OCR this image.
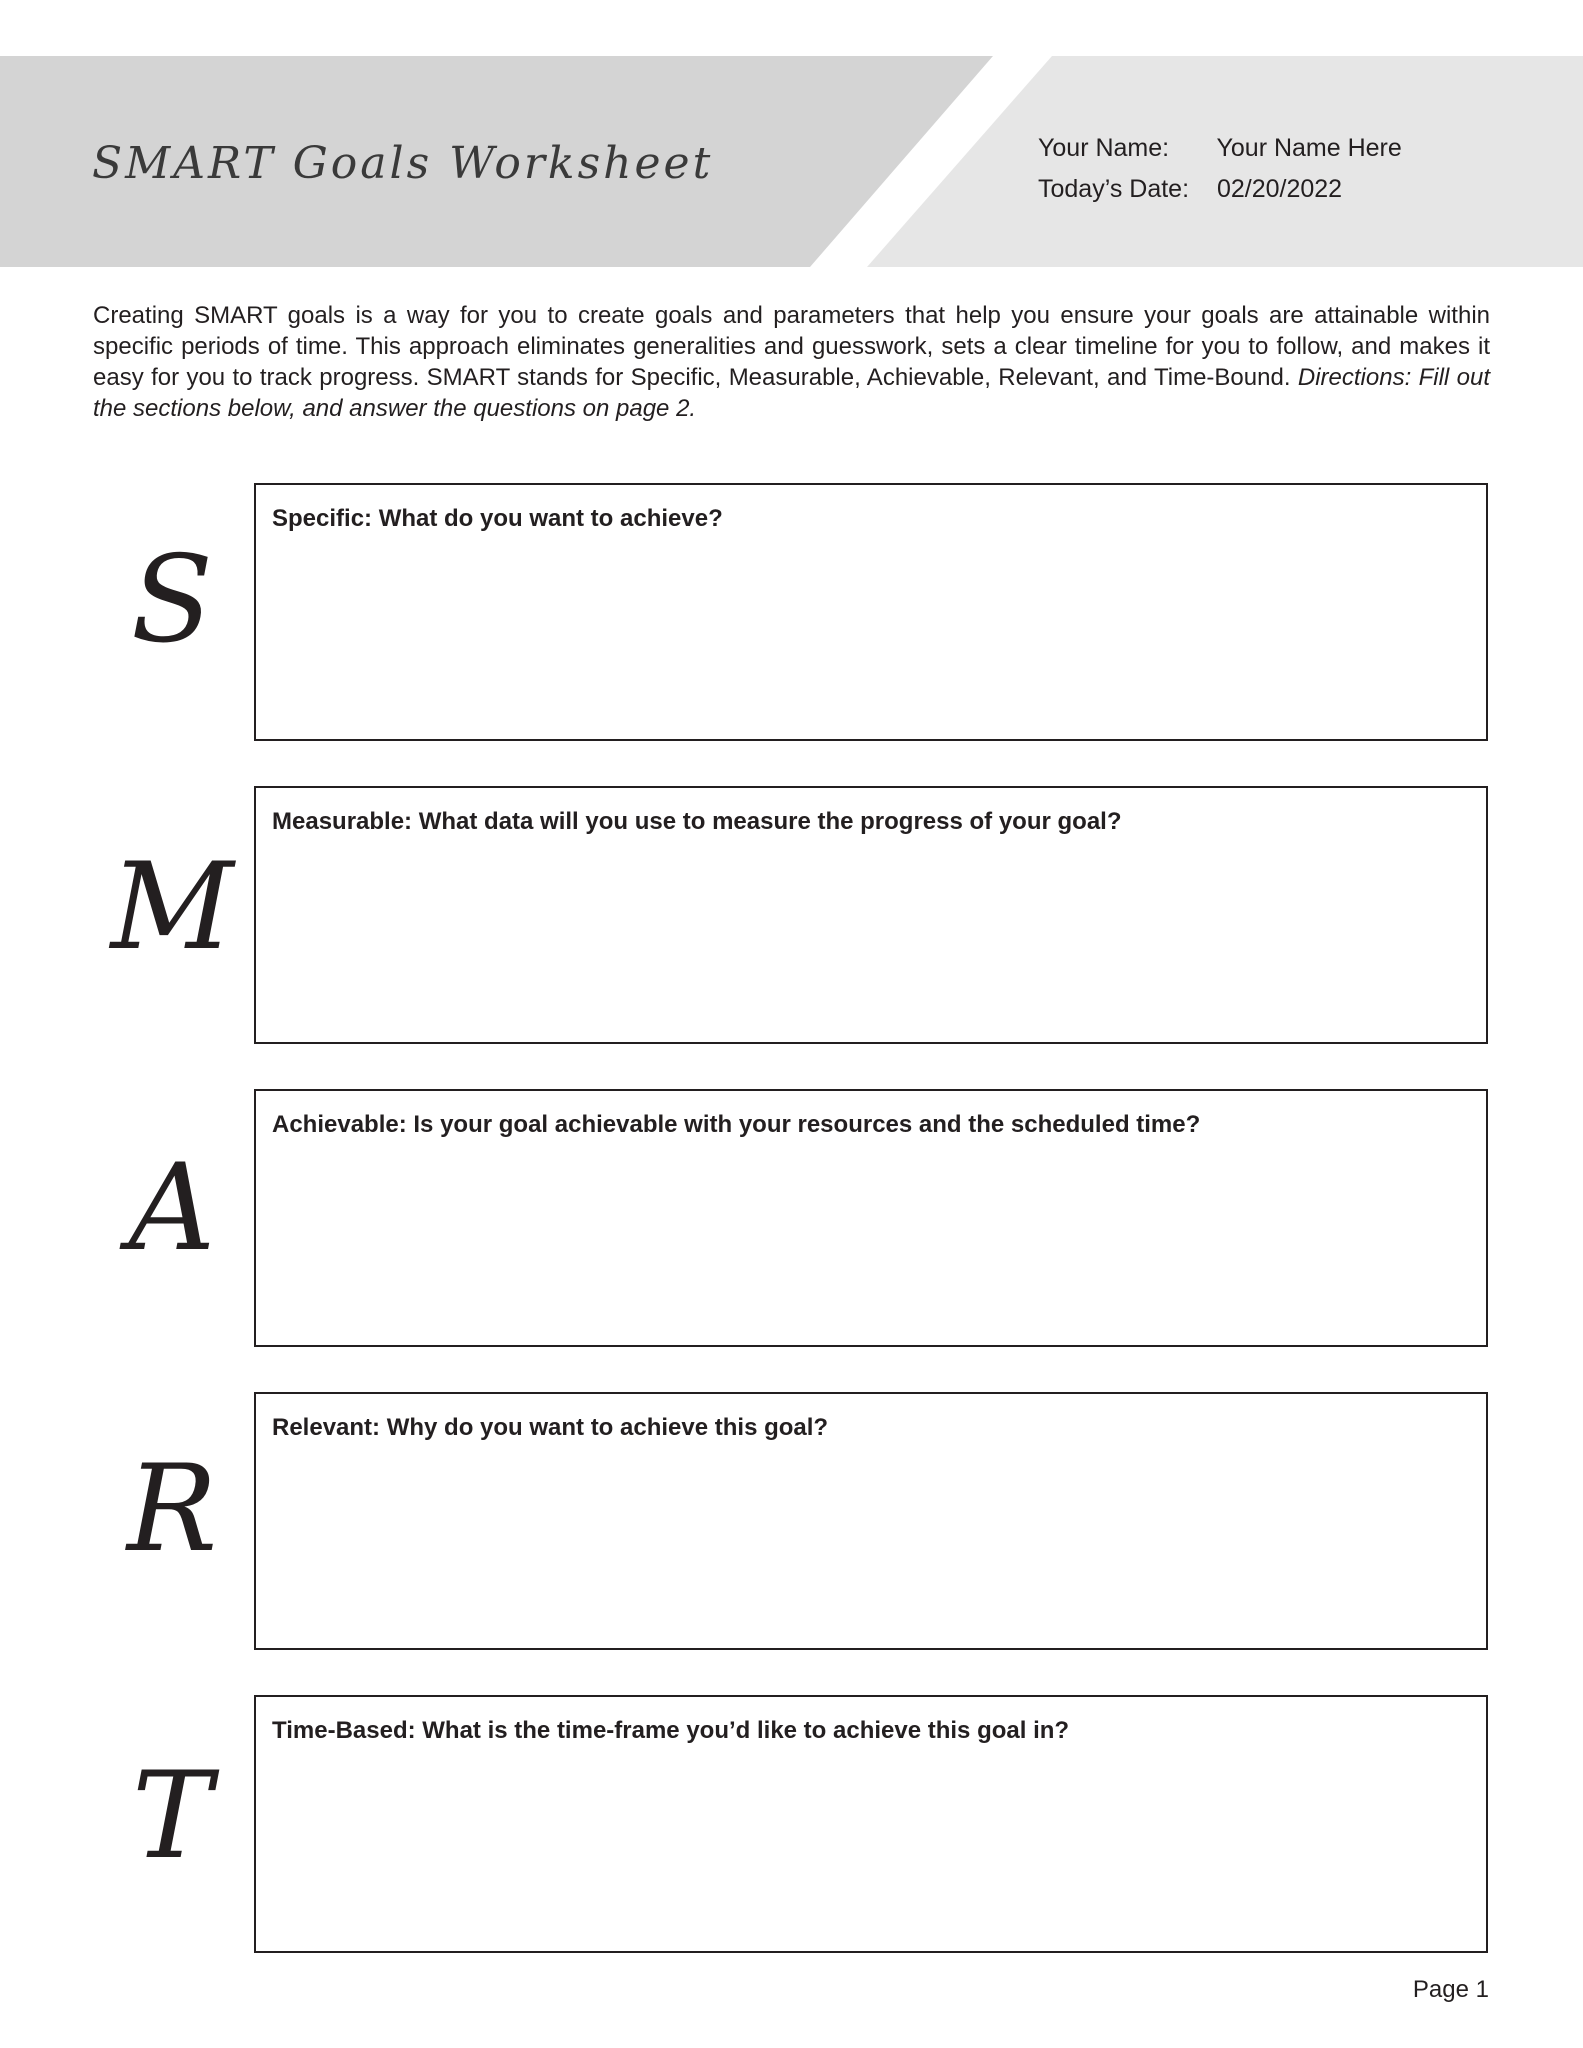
SMART Goals Worksheet	Your Name: Your Name Here
Today’s Date: 02/20/2022

Creating SMART goals is a way for you to create goals and parameters that help you ensure your goals are attainable within specific periods of time. This approach eliminates generalities and guesswork, sets a clear timeline for you to follow, and makes it easy for you to track progress. SMART stands for Specific, Measurable, Achievable, Relevant, and Time-Bound. Directions: Fill out the sections below, and answer the questions on page 2.

S
Specific: What do you want to achieve?
M
Measurable: What data will you use to measure the progress of your goal?
A
Achievable: Is your goal achievable with your resources and the scheduled time?
R
Relevant: Why do you want to achieve this goal?
T
Time-Based: What is the time-frame you’d like to achieve this goal in?
Page 1
